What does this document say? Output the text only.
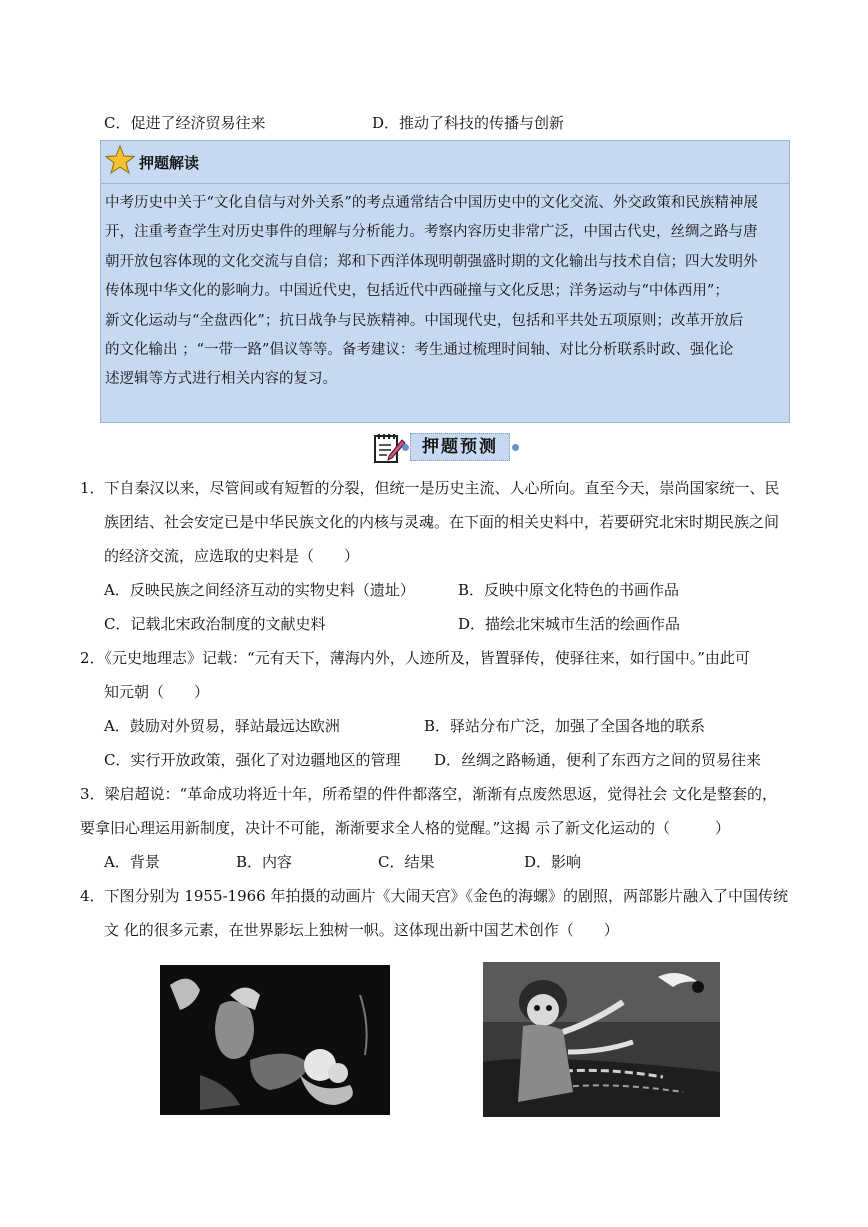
C．促进了经济贸易往来	D．推动了科技的传播与创新
押题解读
中考历史中关于“文化自信与对外关系”的考点通常结合中国历史中的文化交流、外交政策和民族精神展
开，注重考查学生对历史事件的理解与分析能力。考察内容历史非常广泛，中国古代史，丝绸之路与唐
朝开放包容体现的文化交流与自信；郑和下西洋体现明朝强盛时期的文化输出与技术自信；四大发明外
传体现中华文化的影响力。中国近代史，包括近代中西碰撞与文化反思；洋务运动与“中体西用”；
新文化运动与“全盘西化”；抗日战争与民族精神。中国现代史，包括和平共处五项原则；改革开放后
的文化输出 ；“一带一路”倡议等等。备考建议：考生通过梳理时间轴、对比分析联系时政、强化论
述逻辑等方式进行相关内容的复习。
押题预测
1．下自秦汉以来，尽管间或有短暂的分裂，但统一是历史主流、人心所向。直至今天，崇尚国家统一、民
族团结、社会安定已是中华民族文化的内核与灵魂。在下面的相关史料中，若要研究北宋时期民族之间
的经济交流，应选取的史料是（　　）
A．反映民族之间经济互动的实物史料（遗址）	B．反映中原文化特色的书画作品
C．记载北宋政治制度的文献史料	D．描绘北宋城市生活的绘画作品
2．《元史地理志》记载：“元有天下，薄海内外，人迹所及，皆置驿传，使驿往来，如行国中。”由此可
知元朝（　　）
A．鼓励对外贸易，驿站最远达欧洲	B．驿站分布广泛，加强了全国各地的联系
C．实行开放政策，强化了对边疆地区的管理 D．丝绸之路畅通，便利了东西方之间的贸易往来
3．梁启超说：“革命成功将近十年，所希望的件件都落空，渐渐有点废然思返，觉得社会 文化是整套的，
要拿旧心理运用新制度，决计不可能，渐渐要求全人格的觉醒。”这揭 示了新文化运动的（　　　）
A．背景	B．内容	C．结果	D．影响
4．下图分别为 1955-1966 年拍摄的动画片《大闹天宫》《金色的海螺》的剧照，两部影片融入了中国传统
文 化的很多元素，在世界影坛上独树一帜。这体现出新中国艺术创作（　　）
